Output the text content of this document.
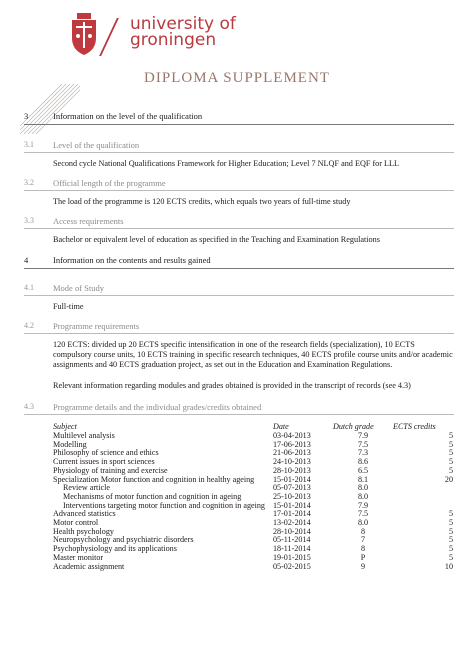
university of
groningen
DIPLOMA SUPPLEMENT
3	Information on the level of the qualification
3.1 Level of the qualification
Second cycle National Qualifications Framework for Higher Education; Level 7 NLQF and EQF for LLL
3.2 Official length of the programme
The load of the programme is 120 ECTS credits, which equals two years of full-time study
3.3 Access requirements
Bachelor or equivalent level of education as specified in the Teaching and Examination Regulations
4	Information on the contents and results gained
4.1 Mode of Study
Full-time
4.2 Programme requirements
120 ECTS: divided up 20 ECTS specific intensification in one of the research fields (specialization), 10 ECTS compulsory course units, 10 ECTS training in specific research techniques, 40 ECTS profile course units and/or academic assignments and 40 ECTS graduation project, as set out in the Education and Examination Regulations.
Relevant information regarding modules and grades obtained is provided in the transcript of records (see 4.3)
4.3 Programme details and the individual grades/credits obtained
Subject	Date	Dutch grade	ECTS credits
Multilevel analysis	03-04-2013	7.9	5
Modelling	17-06-2013	7.5	5
Philosophy of science and ethics	21-06-2013	7.3	5
Current issues in sport sciences	24-10-2013	8.6	5
Physiology of training and exercise	28-10-2013	6.5	5
Specialization Motor function and cognition in healthy ageing	15-01-2014	8.1	20
Review article	05-07-2013	8.0	
Mechanisms of motor function and cognition in ageing	25-10-2013	8.0	
Interventions targeting motor function and cognition in ageing	15-01-2014	7.9	
Advanced statistics	17-01-2014	7.5	5
Motor control	13-02-2014	8.0	5
Health psychology	28-10-2014	8	5
Neuropsychology and psychiatric disorders	05-11-2014	7	5
Psychophysiology and its applications	18-11-2014	8	5
Master monitor	19-01-2015	P	5
Academic assignment	05-02-2015	9	10
